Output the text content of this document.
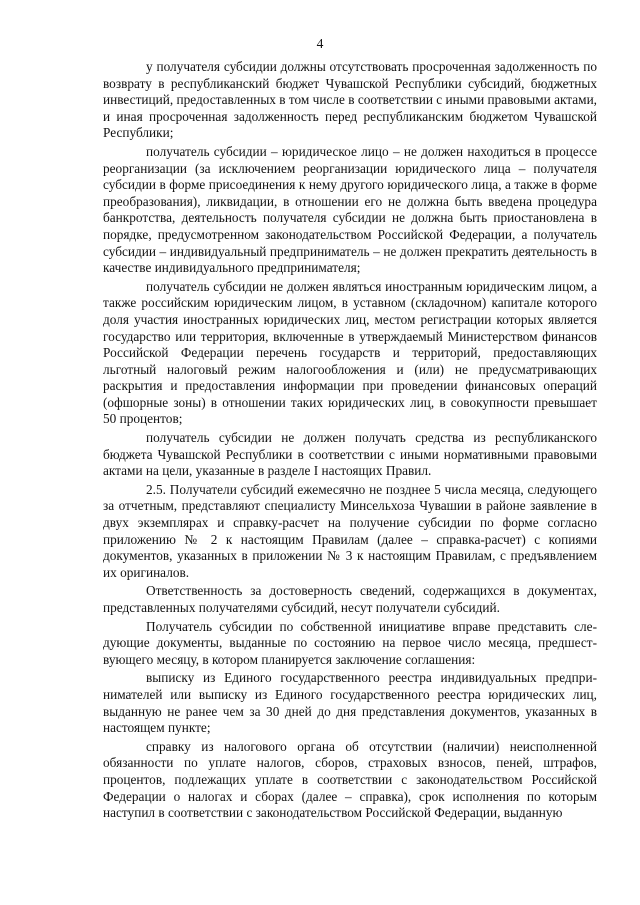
4

у получателя субсидии должны отсутствовать просроченная задолженность по возврату в республиканский бюджет Чувашской Республики субсидий, бюджетных инвестиций, предоставленных в том числе в соответствии с иными правовыми актами, и иная просроченная задолженность перед республиканским бюджетом Чувашской Республики;

получатель субсидии – юридическое лицо – не должен находиться в процессе реорганизации (за исключением реорганизации юридического лица – получателя субсидии в форме присоединения к нему другого юридического лица, а также в форме преобразования), ликвидации, в отношении его не должна быть введена процедура банкротства, деятельность получателя субсидии не должна быть приостановлена в порядке, предусмотренном законодательством Российской Федерации, а получатель субсидии – индивидуальный предприниматель – не должен прекратить деятельность в качестве индивидуального предпринимателя;

получатель субсидии не должен являться иностранным юридическим лицом, а также российским юридическим лицом, в уставном (складочном) капитале которого доля участия иностранных юридических лиц, местом регистрации которых является государство или территория, включенные в утверждаемый Министерством финансов Российской Федерации перечень государств и территорий, предоставляющих льготный налоговый режим налогообложения и (или) не предусматривающих раскрытия и предоставления информации при проведении финансовых операций (офшорные зоны) в отношении таких юридических лиц, в совокупности превышает 50 процентов;

получатель субсидии не должен получать средства из республиканского бюджета Чувашской Республики в соответствии с иными нормативными правовыми актами на цели, указанные в разделе I настоящих Правил.

2.5. Получатели субсидий ежемесячно не позднее 5 числа месяца, следующего за отчетным, представляют специалисту Минсельхоза Чувашии в районе заявление в двух экземплярах и справку-расчет на получение субсидии по форме согласно приложению № 2 к настоящим Правилам (далее – справка-расчет) с копиями документов, указанных в приложении № 3 к настоящим Правилам, с предъявлением их оригиналов.

Ответственность за достоверность сведений, содержащихся в документах, представленных получателями субсидий, несут получатели субсидий.

Получатель субсидии по собственной инициативе вправе представить следующие документы, выданные по состоянию на первое число месяца, предшествующего месяцу, в котором планируется заключение соглашения:

выписку из Единого государственного реестра индивидуальных предпринимателей или выписку из Единого государственного реестра юридических лиц, выданную не ранее чем за 30 дней до дня представления документов, указанных в настоящем пункте;

справку из налогового органа об отсутствии (наличии) неисполненной обязанности по уплате налогов, сборов, страховых взносов, пеней, штрафов, процентов, подлежащих уплате в соответствии с законодательством Российской Федерации о налогах и сборах (далее – справка), срок исполнения по которым наступил в соответствии с законодательством Российской Федерации, выданную
